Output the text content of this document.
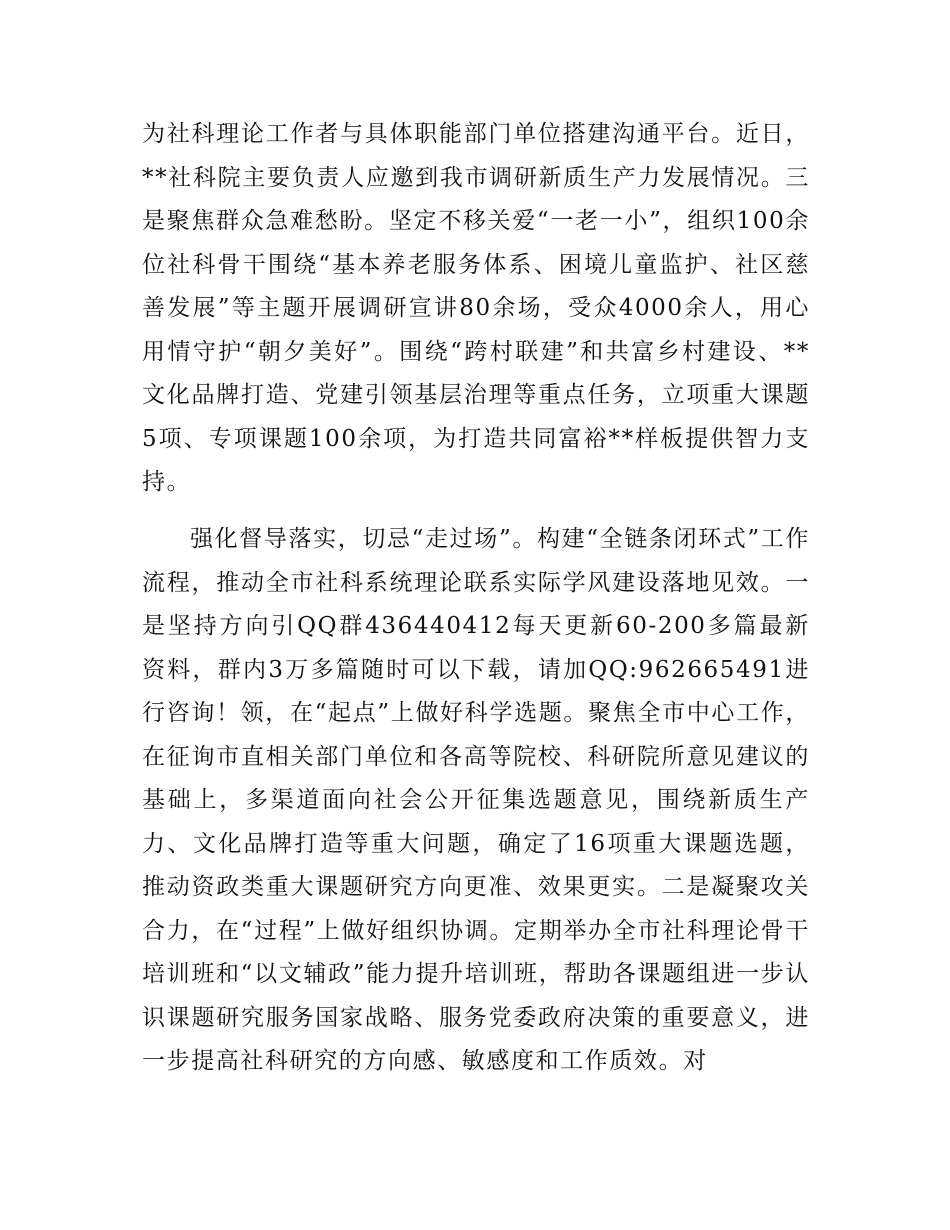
为社科理论工作者与具体职能部门单位搭建沟通平台。近日，**社科院主要负责人应邀到我市调研新质生产力发展情况。三是聚焦群众急难愁盼。坚定不移关爱“一老一小”，组织100余位社科骨干围绕“基本养老服务体系、困境儿童监护、社区慈善发展”等主题开展调研宣讲80余场，受众4000余人，用心用情守护“朝夕美好”。围绕“跨村联建”和共富乡村建设、**文化品牌打造、党建引领基层治理等重点任务，立项重大课题5项、专项课题100余项，为打造共同富裕**样板提供智力支持。

强化督导落实，切忌“走过场”。构建“全链条闭环式”工作流程，推动全市社科系统理论联系实际学风建设落地见效。一是坚持方向引QQ群436440412每天更新60-200多篇最新资料，群内3万多篇随时可以下载，请加QQ:962665491进行咨询！领，在“起点”上做好科学选题。聚焦全市中心工作，在征询市直相关部门单位和各高等院校、科研院所意见建议的基础上，多渠道面向社会公开征集选题意见，围绕新质生产力、文化品牌打造等重大问题，确定了16项重大课题选题，推动资政类重大课题研究方向更准、效果更实。二是凝聚攻关合力，在“过程”上做好组织协调。定期举办全市社科理论骨干培训班和“以文辅政”能力提升培训班，帮助各课题组进一步认识课题研究服务国家战略、服务党委政府决策的重要意义，进一步提高社科研究的方向感、敏感度和工作质效。对
